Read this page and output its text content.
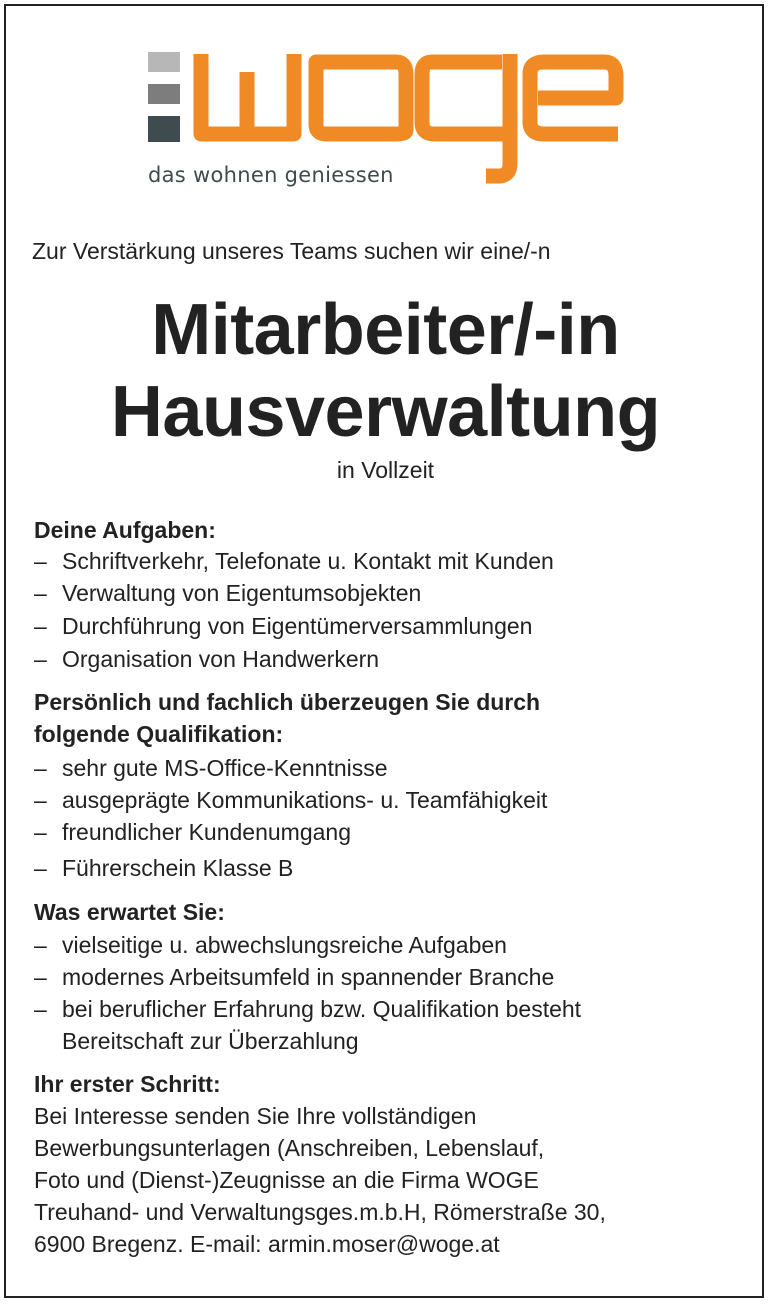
das wohnen geniessen
woge
Zur Verstärkung unseres Teams suchen wir eine/-n
Mitarbeiter/-in
Hausverwaltung
in Vollzeit
Deine Aufgaben:
– Schriftverkehr, Telefonate u. Kontakt mit Kunden
– Verwaltung von Eigentumsobjekten
– Durchführung von Eigentümerversammlungen
– Organisation von Handwerkern
Persönlich und fachlich überzeugen Sie durch
folgende Qualifikation:
– sehr gute MS-Office-Kenntnisse
– ausgeprägte Kommunikations- u. Teamfähigkeit
– freundlicher Kundenumgang
– Führerschein Klasse B
Was erwartet Sie:
– vielseitige u. abwechslungsreiche Aufgaben
– modernes Arbeitsumfeld in spannender Branche
– bei beruflicher Erfahrung bzw. Qualifikation besteht
Bereitschaft zur Überzahlung
Ihr erster Schritt:
Bei Interesse senden Sie Ihre vollständigen
Bewerbungsunterlagen (Anschreiben, Lebenslauf,
Foto und (Dienst-)Zeugnisse an die Firma WOGE
Treuhand- und Verwaltungsges.m.b.H, Römerstraße 30,
6900 Bregenz. E-mail: armin.moser@woge.at
